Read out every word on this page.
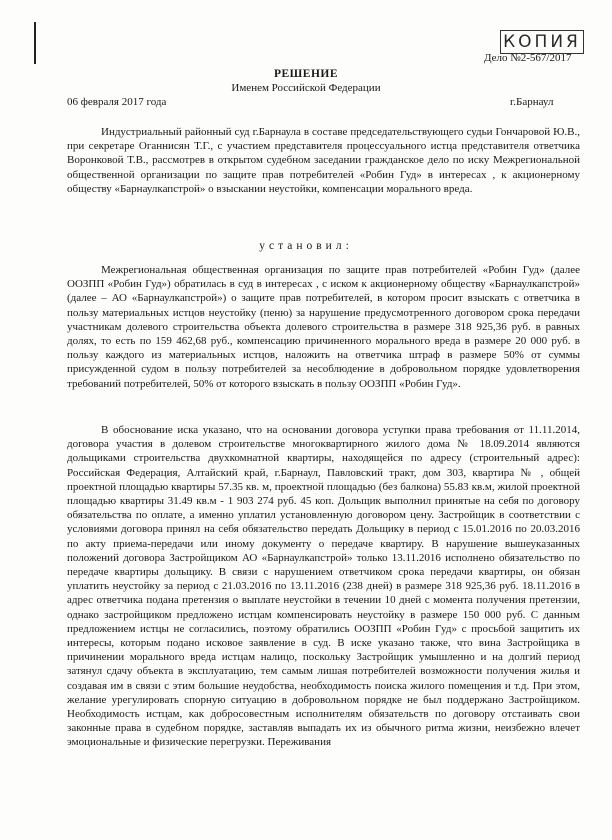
КОПИЯ
Дело №2-567/2017
РЕШЕНИЕ
Именем Российской Федерации
06 февраля 2017 года	г.Барнаул

Индустриальный районный суд г.Барнаула в составе председательствующего судьи Гончаровой Ю.В., при секретаре Оганнисян Т.Г., с участием представителя процессуального истца представителя ответчика Воронковой Т.В., рассмотрев в открытом судебном заседании гражданское дело по иску Межрегиональной общественной организации по защите прав потребителей «Робин Гуд» в интересах , к акционерному обществу «Барнаулкапстрой» о взыскании неустойки, компенсации морального вреда.

установил:

Межрегиональная общественная организация по защите прав потребителей «Робин Гуд» (далее ООЗПП «Робин Гуд») обратилась в суд в интересах , с иском к акционерному обществу «Барнаулкапстрой» (далее – АО «Барнаулкапстрой») о защите прав потребителей, в котором просит взыскать с ответчика в пользу материальных истцов неустойку (пеню) за нарушение предусмотренного договором срока передачи участникам долевого строительства объекта долевого строительства в размере 318 925,36 руб. в равных долях, то есть по 159 462,68 руб., компенсацию причиненного морального вреда в размере 20 000 руб. в пользу каждого из материальных истцов, наложить на ответчика штраф в размере 50% от суммы присужденной судом в пользу потребителей за несоблюдение в добровольном порядке удовлетворения требований потребителей, 50% от которого взыскать в пользу ООЗПП «Робин Гуд».

В обоснование иска указано, что на основании договора уступки права требования от 11.11.2014, договора участия в долевом строительстве многоквартирного жилого дома № 18.09.2014 являются дольщиками строительства двухкомнатной квартиры, находящейся по адресу (строительный адрес): Российская Федерация, Алтайский край, г.Барнаул, Павловский тракт, дом 303, квартира № , общей проектной площадью квартиры 57.35 кв. м, проектной площадью (без балкона) 55.83 кв.м, жилой проектной площадью квартиры 31.49 кв.м - 1 903 274 руб. 45 коп. Дольщик выполнил принятые на себя по договору обязательства по оплате, а именно уплатил установленную договором цену. Застройщик в соответствии с условиями договора принял на себя обязательство передать Дольщику в период с 15.01.2016 по 20.03.2016 по акту приема-передачи или иному документу о передаче квартиру. В нарушение вышеуказанных положений договора Застройщиком АО «Барнаулкапстрой» только 13.11.2016 исполнено обязательство по передаче квартиры дольщику. В связи с нарушением ответчиком срока передачи квартиры, он обязан уплатить неустойку за период с 21.03.2016 по 13.11.2016 (238 дней) в размере 318 925,36 руб. 18.11.2016 в адрес ответчика подана претензия о выплате неустойки в течении 10 дней с момента получения претензии, однако застройщиком предложено истцам компенсировать неустойку в размере 150 000 руб. С данным предложением истцы не согласились, поэтому обратились ООЗПП «Робин Гуд» с просьбой защитить их интересы, которым подано исковое заявление в суд. В иске указано также, что вина Застройщика в причинении морального вреда истцам налицо, поскольку Застройщик умышленно и на долгий период затянул сдачу объекта в эксплуатацию, тем самым лишая потребителей возможности получения жилья и создавая им в связи с этим большие неудобства, необходимость поиска жилого помещения и т.д. При этом, желание урегулировать спорную ситуацию в добровольном порядке не был поддержано Застройщиком. Необходимость истцам, как добросовестным исполнителям обязательств по договору отстаивать свои законные права в судебном порядке, заставляв выпадать их из обычного ритма жизни, неизбежно влечет эмоциональные и физические перегрузки. Переживания
